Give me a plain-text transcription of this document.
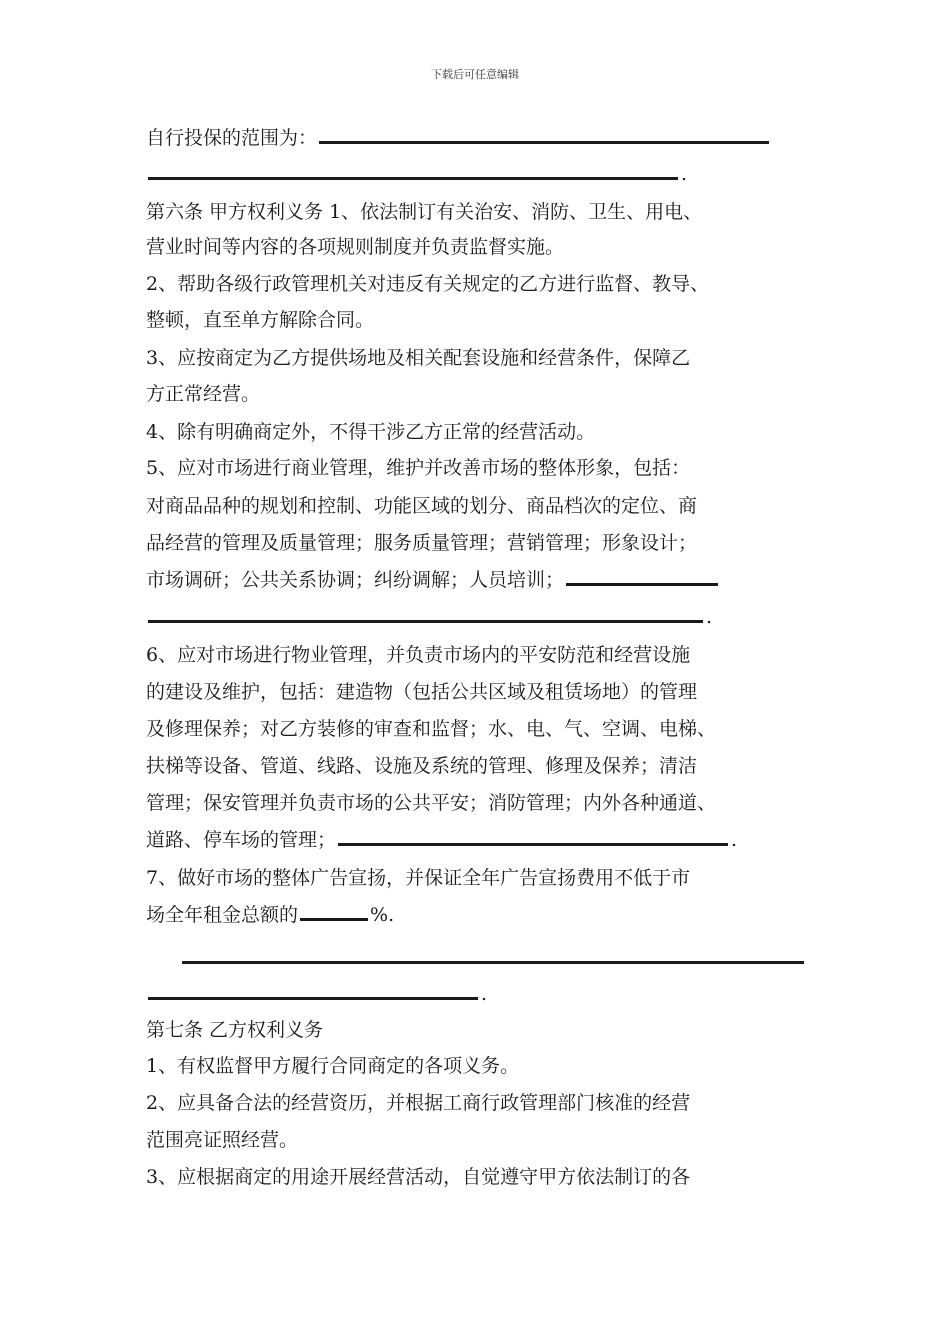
下载后可任意编辑
自行投保的范围为：
.
第六条 甲方权利义务 1、依法制订有关治安、消防、卫生、用电、
营业时间等内容的各项规则制度并负责监督实施。
2、帮助各级行政管理机关对违反有关规定的乙方进行监督、教导、
整顿，直至单方解除合同。
3、应按商定为乙方提供场地及相关配套设施和经营条件，保障乙
方正常经营。
4、除有明确商定外，不得干涉乙方正常的经营活动。
5、应对市场进行商业管理，维护并改善市场的整体形象，包括：
对商品品种的规划和控制、功能区域的划分、商品档次的定位、商
品经营的管理及质量管理；服务质量管理；营销管理；形象设计；
市场调研；公共关系协调；纠纷调解；人员培训；
.
6、应对市场进行物业管理，并负责市场内的平安防范和经营设施
的建设及维护，包括：建造物（包括公共区域及租赁场地）的管理
及修理保养；对乙方装修的审查和监督；水、电、气、空调、电梯、
扶梯等设备、管道、线路、设施及系统的管理、修理及保养；清洁
管理；保安管理并负责市场的公共平安；消防管理；内外各种通道、
道路、停车场的管理；	.
7、做好市场的整体广告宣扬，并保证全年广告宣扬费用不低于市
场全年租金总额的	%.
.
第七条 乙方权利义务
1、有权监督甲方履行合同商定的各项义务。
2、应具备合法的经营资历，并根据工商行政管理部门核准的经营
范围亮证照经营。
3、应根据商定的用途开展经营活动，自觉遵守甲方依法制订的各
